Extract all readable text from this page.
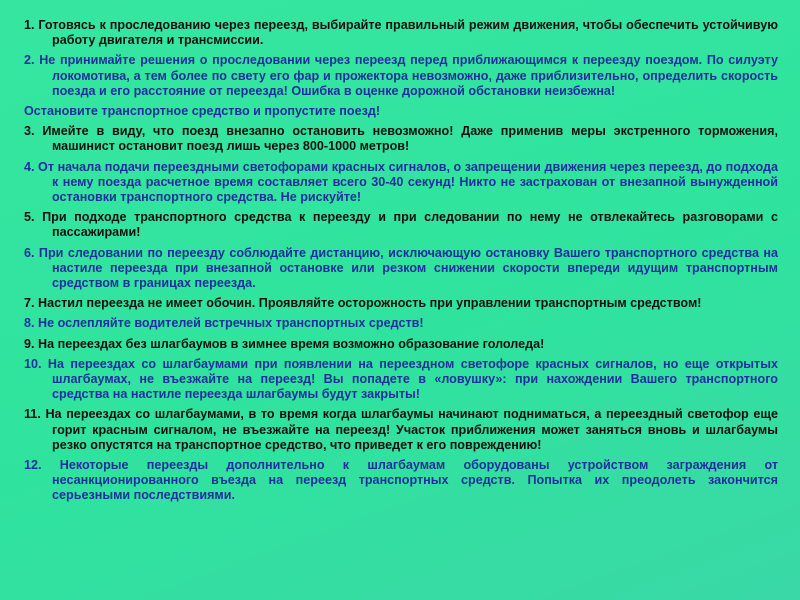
1. Готовясь к проследованию через переезд, выбирайте правильный режим движения, чтобы обеспечить устойчивую работу двигателя и трансмиссии.

2. Не принимайте решения о проследовании через переезд перед приближающимся к переезду поездом. По силуэту локомотива, а тем более по свету его фар и прожектора невозможно, даже приблизительно, определить скорость поезда и его расстояние от переезда! Ошибка в оценке дорожной обстановки неизбежна!

Остановите транспортное средство и пропустите поезд!

3. Имейте в виду, что поезд внезапно остановить невозможно! Даже применив меры экстренного торможения, машинист остановит поезд лишь через 800-1000 метров!

4. От начала подачи переездными светофорами красных сигналов, о запрещении движения через переезд, до подхода к нему поезда расчетное время составляет всего 30-40 секунд! Никто не застрахован от внезапной вынужденной остановки транспортного средства. Не рискуйте!

5. При подходе транспортного средства к переезду и при следовании по нему не отвлекайтесь разговорами с пассажирами!

6. При следовании по переезду соблюдайте дистанцию, исключающую остановку Вашего транспортного средства на настиле переезда при внезапной остановке или резком снижении скорости впереди идущим транспортным средством в границах переезда.

7. Настил переезда не имеет обочин. Проявляйте осторожность при управлении транспортным средством!

8. Не ослепляйте водителей встречных транспортных средств!

9. На переездах без шлагбаумов в зимнее время возможно образование гололеда!

10. На переездах со шлагбаумами при появлении на переездном светофоре красных сигналов, но еще открытых шлагбаумах, не въезжайте на переезд! Вы попадете в «ловушку»: при нахождении Вашего транспортного средства на настиле переезда шлагбаумы будут закрыты!

11. На переездах со шлагбаумами, в то время когда шлагбаумы начинают подниматься, а переездный светофор еще горит красным сигналом, не въезжайте на переезд! Участок приближения может заняться вновь и шлагбаумы резко опустятся на транспортное средство, что приведет к его повреждению!

12. Некоторые переезды дополнительно к шлагбаумам оборудованы устройством заграждения от несанкционированного въезда на переезд транспортных средств. Попытка их преодолеть закончится серьезными последствиями.
